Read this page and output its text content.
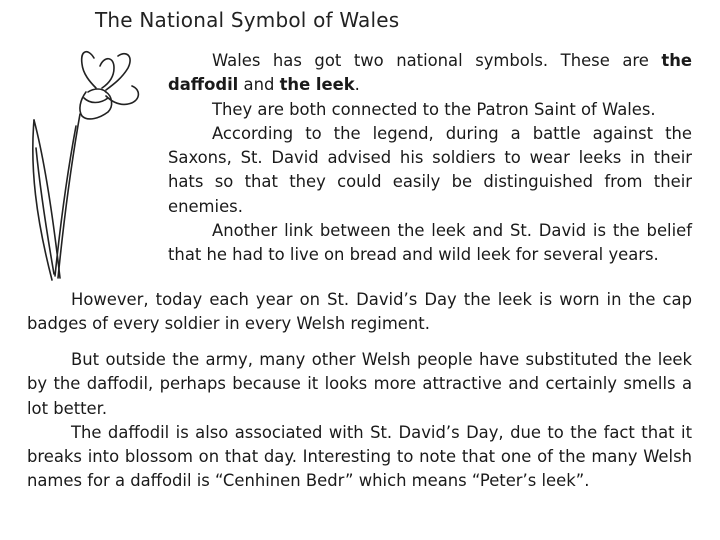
The National Symbol of Wales

Wales has got two national symbols. These are the daffodil and the leek.

They are both connected to the Patron Saint of Wales.

According to the legend, during a battle against the Saxons, St. David advised his soldiers to wear leeks in their hats so that they could easily be distinguished from their enemies.

Another link between the leek and St. David is the belief that he had to live on bread and wild leek for several years.

However, today each year on St. David’s Day the leek is worn in the cap badges of every soldier in every Welsh regiment.

But outside the army, many other Welsh people have substituted the leek by the daffodil, perhaps because it looks more attractive and certainly smells a lot better.

The daffodil is also associated with St. David’s Day, due to the fact that it breaks into blossom on that day. Interesting to note that one of the many Welsh names for a daffodil is “Cenhinen Bedr” which means “Peter’s leek”.
